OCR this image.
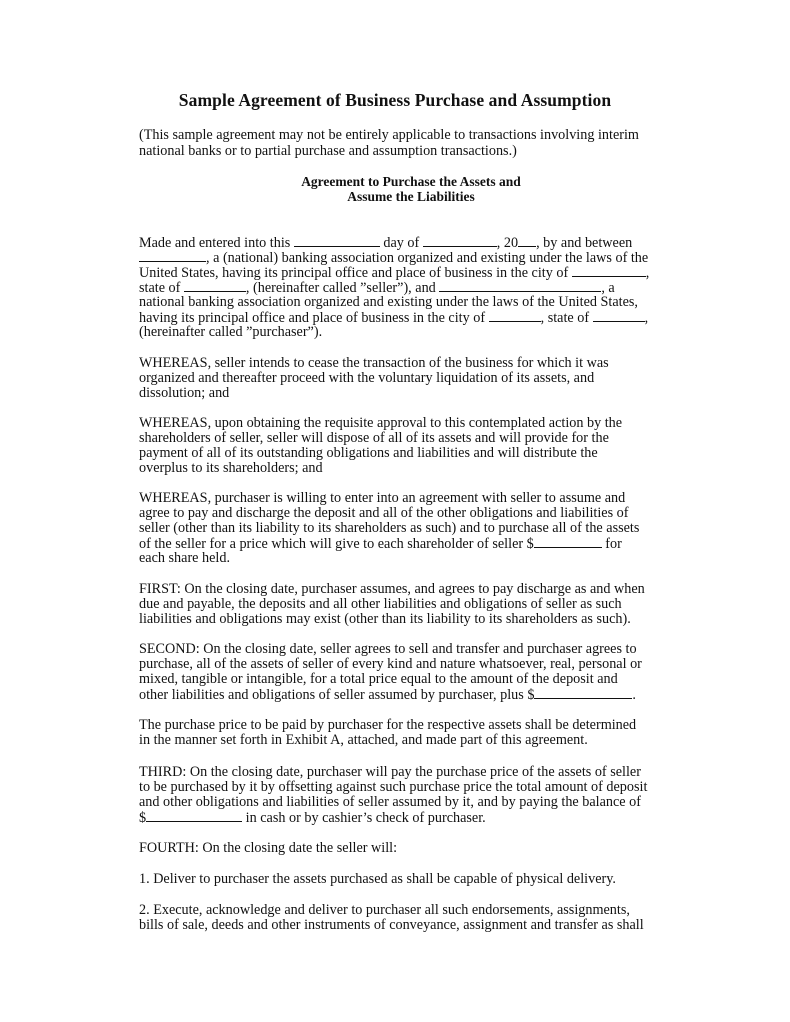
Sample Agreement of Business Purchase and Assumption
(This sample agreement may not be entirely applicable to transactions involving interim
national banks or to partial purchase and assumption transactions.)
Agreement to Purchase the Assets and
Assume the Liabilities
Made and entered into this	day of	, 20 , by and between
, a (national) banking association organized and existing under the laws of the
United States, having its principal office and place of business in the city of	,
state of	, (hereinafter called ”seller”), and	, a
national banking association organized and existing under the laws of the United States,
having its principal office and place of business in the city of	, state of	,
(hereinafter called ”purchaser”).
WHEREAS, seller intends to cease the transaction of the business for which it was
organized and thereafter proceed with the voluntary liquidation of its assets, and
dissolution; and
WHEREAS, upon obtaining the requisite approval to this contemplated action by the
shareholders of seller, seller will dispose of all of its assets and will provide for the
payment of all of its outstanding obligations and liabilities and will distribute the
overplus to its shareholders; and
WHEREAS, purchaser is willing to enter into an agreement with seller to assume and
agree to pay and discharge the deposit and all of the other obligations and liabilities of
seller (other than its liability to its shareholders as such) and to purchase all of the assets
of the seller for a price which will give to each shareholder of seller $	for
each share held.
FIRST: On the closing date, purchaser assumes, and agrees to pay discharge as and when
due and payable, the deposits and all other liabilities and obligations of seller as such
liabilities and obligations may exist (other than its liability to its shareholders as such).
SECOND: On the closing date, seller agrees to sell and transfer and purchaser agrees to
purchase, all of the assets of seller of every kind and nature whatsoever, real, personal or
mixed, tangible or intangible, for a total price equal to the amount of the deposit and
other liabilities and obligations of seller assumed by purchaser, plus $	.
The purchase price to be paid by purchaser for the respective assets shall be determined
in the manner set forth in Exhibit A, attached, and made part of this agreement.
THIRD: On the closing date, purchaser will pay the purchase price of the assets of seller
to be purchased by it by offsetting against such purchase price the total amount of deposit
and other obligations and liabilities of seller assumed by it, and by paying the balance of
$	in cash or by cashier’s check of purchaser.
FOURTH: On the closing date the seller will:
1. Deliver to purchaser the assets purchased as shall be capable of physical delivery.
2. Execute, acknowledge and deliver to purchaser all such endorsements, assignments,
bills of sale, deeds and other instruments of conveyance, assignment and transfer as shall
